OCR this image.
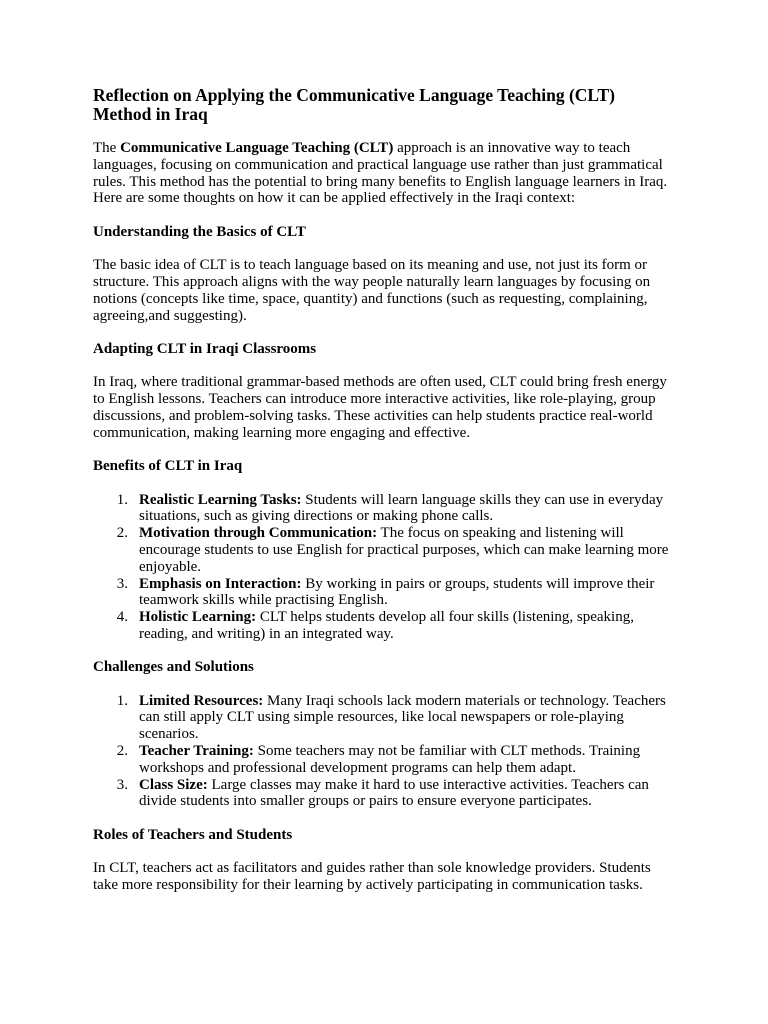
Reflection on Applying the Communicative Language Teaching (CLT) Method in Iraq

The Communicative Language Teaching (CLT) approach is an innovative way to teach languages, focusing on communication and practical language use rather than just grammatical rules. This method has the potential to bring many benefits to English language learners in Iraq. Here are some thoughts on how it can be applied effectively in the Iraqi context:

Understanding the Basics of CLT

The basic idea of CLT is to teach language based on its meaning and use, not just its form or structure. This approach aligns with the way people naturally learn languages by focusing on notions (concepts like time, space, quantity) and functions (such as requesting, complaining, agreeing,and suggesting).

Adapting CLT in Iraqi Classrooms

In Iraq, where traditional grammar-based methods are often used, CLT could bring fresh energy to English lessons. Teachers can introduce more interactive activities, like role-playing, group discussions, and problem-solving tasks. These activities can help students practice real-world communication, making learning more engaging and effective.

Benefits of CLT in Iraq
1. Realistic Learning Tasks: Students will learn language skills they can use in everyday situations, such as giving directions or making phone calls.
2. Motivation through Communication: The focus on speaking and listening will encourage students to use English for practical purposes, which can make learning more enjoyable.
3. Emphasis on Interaction: By working in pairs or groups, students will improve their teamwork skills while practising English.
4. Holistic Learning: CLT helps students develop all four skills (listening, speaking, reading, and writing) in an integrated way.
Challenges and Solutions
1. Limited Resources: Many Iraqi schools lack modern materials or technology. Teachers can still apply CLT using simple resources, like local newspapers or role-playing scenarios.
2. Teacher Training: Some teachers may not be familiar with CLT methods. Training workshops and professional development programs can help them adapt.
3. Class Size: Large classes may make it hard to use interactive activities. Teachers can divide students into smaller groups or pairs to ensure everyone participates.
Roles of Teachers and Students

In CLT, teachers act as facilitators and guides rather than sole knowledge providers. Students take more responsibility for their learning by actively participating in communication tasks.
